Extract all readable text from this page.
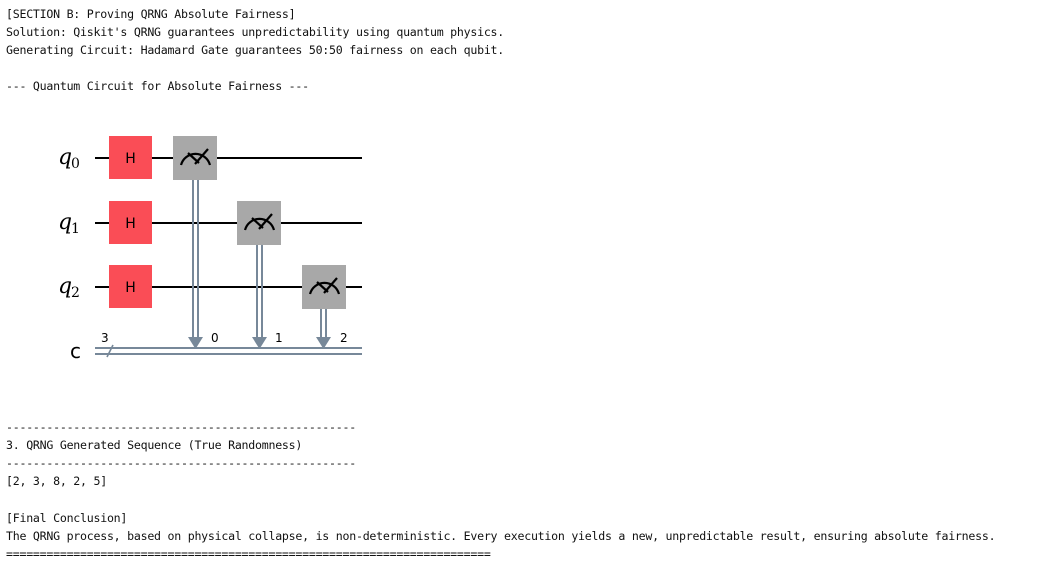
[SECTION B: Proving QRNG Absolute Fairness]
Solution: Qiskit's QRNG guarantees unpredictability using quantum physics.
Generating Circuit: Hadamard Gate guarantees 50:50 fairness on each qubit.
--- Quantum Circuit for Absolute Fairness ---
q
0
q
1
q
2
c
3	0	1	2
H
H
H
----------------------------------------------------
3. QRNG Generated Sequence (True Randomness)
----------------------------------------------------
[2, 3, 8, 2, 5]
[Final Conclusion]
The QRNG process, based on physical collapse, is non-deterministic. Every execution yields a new, unpredictable result, ensuring absolute fairness.
========================================================================
